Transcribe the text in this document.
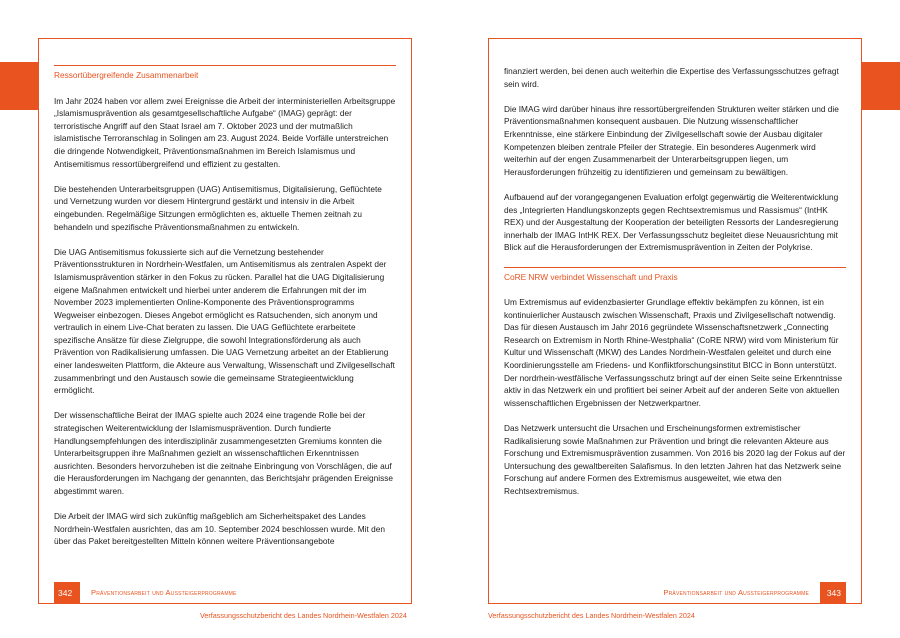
Ressortübergreifende Zusammenarbeit

Im Jahr 2024 haben vor allem zwei Ereignisse die Arbeit der interministeriellen Arbeitsgruppe „Islamismusprävention als gesamtgesellschaftliche Aufgabe“ (IMAG) geprägt: der terroristische Angriff auf den Staat Israel am 7. Oktober 2023 und der mutmaßlich islamistische Terroranschlag in Solingen am 23. August 2024. Beide Vorfälle unterstreichen die dringende Notwendigkeit, Präventionsmaßnahmen im Bereich Islamismus und Antisemitismus ressortübergreifend und effizient zu gestalten.

Die bestehenden Unterarbeitsgruppen (UAG) Antisemitismus, Digitalisierung, Geflüchtete und Vernetzung wurden vor diesem Hintergrund gestärkt und intensiv in die Arbeit eingebunden. Regelmäßige Sitzungen ermöglichten es, aktuelle Themen zeitnah zu behandeln und spezifische Präventionsmaßnahmen zu entwickeln.

Die UAG Antisemitismus fokussierte sich auf die Vernetzung bestehender Präventionsstrukturen in Nordrhein-Westfalen, um Antisemitismus als zentralen Aspekt der Islamismusprävention stärker in den Fokus zu rücken. Parallel hat die UAG Digitalisierung eigene Maßnahmen entwickelt und hierbei unter anderem die Erfahrungen mit der im November 2023 implementierten Online-Komponente des Präventionsprogramms Wegweiser einbezogen. Dieses Angebot ermöglicht es Ratsuchenden, sich anonym und vertraulich in einem Live-Chat beraten zu lassen. Die UAG Geflüchtete erarbeitete spezifische Ansätze für diese Zielgruppe, die sowohl Integrationsförderung als auch Prävention von Radikalisierung umfassen. Die UAG Vernetzung arbeitet an der Etablierung einer landesweiten Plattform, die Akteure aus Verwaltung, Wissenschaft und Zivilgesellschaft zusammenbringt und den Austausch sowie die gemeinsame Strategieentwicklung ermöglicht.

Der wissenschaftliche Beirat der IMAG spielte auch 2024 eine tragende Rolle bei der strategischen Weiterentwicklung der Islamismusprävention. Durch fundierte Handlungsempfehlungen des interdisziplinär zusammengesetzten Gremiums konnten die Unterarbeitsgruppen ihre Maßnahmen gezielt an wissenschaftlichen Erkenntnissen ausrichten. Besonders hervorzuheben ist die zeitnahe Einbringung von Vorschlägen, die auf die Herausforderungen im Nachgang der genannten, das Berichtsjahr prägenden Ereignisse abgestimmt waren.

Die Arbeit der IMAG wird sich zukünftig maßgeblich am Sicherheitspaket des Landes Nordrhein-Westfalen ausrichten, das am 10. September 2024 beschlossen wurde. Mit den über das Paket bereitgestellten Mitteln können weitere Präventionsangebote

342	Präventionsarbeit und Aussteigerprogramme

finanziert werden, bei denen auch weiterhin die Expertise des Verfassungsschutzes gefragt sein wird.

Die IMAG wird darüber hinaus ihre ressortübergreifenden Strukturen weiter stärken und die Präventionsmaßnahmen konsequent ausbauen. Die Nutzung wissenschaftlicher Erkenntnisse, eine stärkere Einbindung der Zivilgesellschaft sowie der Ausbau digitaler Kompetenzen bleiben zentrale Pfeiler der Strategie. Ein besonderes Augenmerk wird weiterhin auf der engen Zusammenarbeit der Unterarbeitsgruppen liegen, um Herausforderungen frühzeitig zu identifizieren und gemeinsam zu bewältigen.

Aufbauend auf der vorangegangenen Evaluation erfolgt gegenwärtig die Weiterentwicklung des „Integrierten Handlungskonzepts gegen Rechtsextremismus und Rassismus“ (IntHK REX) und der Ausgestaltung der Kooperation der beteiligten Ressorts der Landesregierung innerhalb der IMAG IntHK REX. Der Verfassungsschutz begleitet diese Neuausrichtung mit Blick auf die Herausforderungen der Extremismusprävention in Zeiten der Polykrise.

CoRE NRW verbindet Wissenschaft und Praxis

Um Extremismus auf evidenzbasierter Grundlage effektiv bekämpfen zu können, ist ein kontinuierlicher Austausch zwischen Wissenschaft, Praxis und Zivilgesellschaft notwendig. Das für diesen Austausch im Jahr 2016 gegründete Wissenschaftsnetzwerk „Connecting Research on Extremism in North Rhine-Westphalia“ (CoRE NRW) wird vom Ministerium für Kultur und Wissenschaft (MKW) des Landes Nordrhein-Westfalen geleitet und durch eine Koordinierungsstelle am Friedens- und Konfliktforschungsinstitut BICC in Bonn unterstützt. Der nordrhein-westfälische Verfassungsschutz bringt auf der einen Seite seine Erkenntnisse aktiv in das Netzwerk ein und profitiert bei seiner Arbeit auf der anderen Seite von aktuellen wissenschaftlichen Ergebnissen der Netzwerkpartner.

Das Netzwerk untersucht die Ursachen und Erscheinungsformen extremistischer Radikalisierung sowie Maßnahmen zur Prävention und bringt die relevanten Akteure aus Forschung und Extremismusprävention zusammen. Von 2016 bis 2020 lag der Fokus auf der Untersuchung des gewaltbereiten Salafismus. In den letzten Jahren hat das Netzwerk seine Forschung auf andere Formen des Extremismus ausgeweitet, wie etwa den Rechtsextremismus.

343
Präventionsarbeit und Aussteigerprogramme
Verfassungsschutzbericht des Landes Nordrhein-Westfalen 2024	Verfassungsschutzbericht des Landes Nordrhein-Westfalen 2024
